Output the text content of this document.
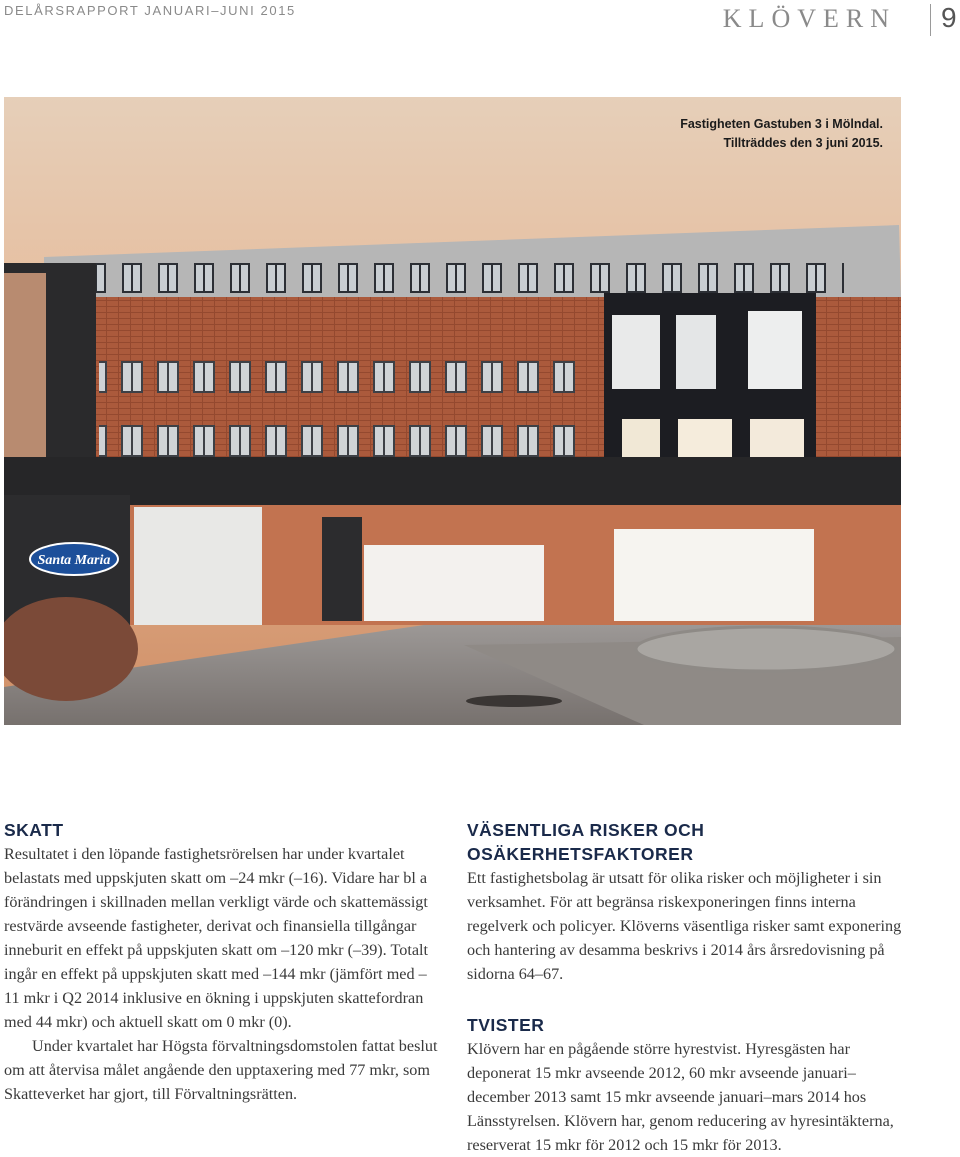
DELÅRSRAPPORT JANUARI–JUNI 2015	KLÖVERN 9
Santa Maria
Fastigheten Gastuben 3 i Mölndal.
Tillträddes den 3 juni 2015.
SKATT

Resultatet i den löpande fastighetsrörelsen har under kvartalet belastats med uppskjuten skatt om –24 mkr (–16). Vidare har bl a förändringen i skillnaden mellan verkligt värde och skattemässigt restvärde avseende fastigheter, derivat och finansiella tillgångar inneburit en effekt på uppskjuten skatt om –120 mkr (–39). Totalt ingår en effekt på uppskjuten skatt med –144 mkr (jämfört med –11 mkr i Q2 2014 inklusive en ökning i uppskjuten skattefordran med 44 mkr) och aktuell skatt om 0 mkr (0).

Under kvartalet har Högsta förvaltningsdomstolen fattat beslut om att återvisa målet angående den upptaxering med 77 mkr, som Skatteverket har gjort, till Förvaltningsrätten.

VÄSENTLIGA RISKER OCH OSÄKERHETSFAKTORER

Ett fastighetsbolag är utsatt för olika risker och möjligheter i sin verksamhet. För att begränsa riskexponeringen finns interna regelverk och policyer. Klöverns väsentliga risker samt exponering och hantering av desamma beskrivs i 2014 års årsredovisning på sidorna 64–67.

TVISTER

Klövern har en pågående större hyrestvist. Hyresgästen har deponerat 15 mkr avseende 2012, 60 mkr avseende januari–december 2013 samt 15 mkr avseende januari–mars 2014 hos Länsstyrelsen. Klövern har, genom reducering av hyresintäkterna, reserverat 15 mkr för 2012 och 15 mkr för 2013.
